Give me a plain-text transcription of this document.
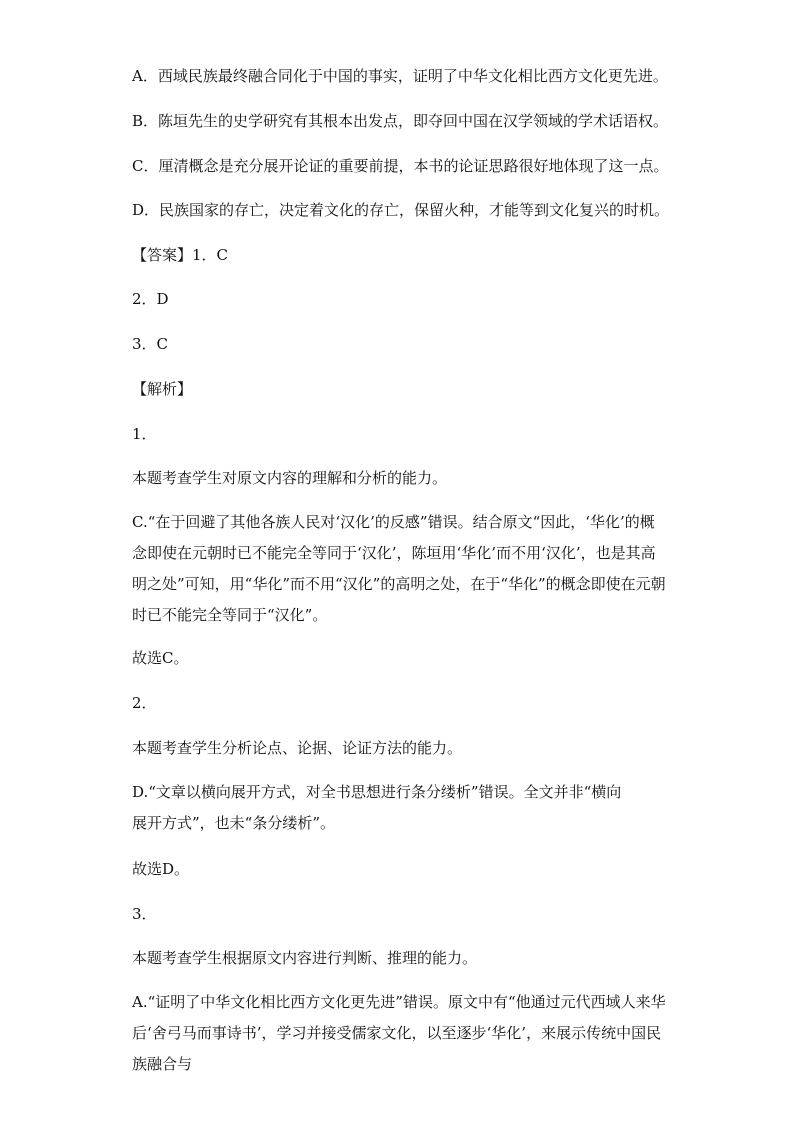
A．西域民族最终融合同化于中国的事实，证明了中华文化相比西方文化更先进。
B．陈垣先生的史学研究有其根本出发点，即夺回中国在汉学领域的学术话语权。
C．厘清概念是充分展开论证的重要前提，本书的论证思路很好地体现了这一点。
D．民族国家的存亡，决定着文化的存亡，保留火种，才能等到文化复兴的时机。
【答案】1．C
2．D
3．C
【解析】
1．
本题考查学生对原文内容的理解和分析的能力。
C.“在于回避了其他各族人民对‘汉化’的反感”错误。结合原文“因此，‘华化’的概念即使在元朝时已不能完全等同于‘汉化’，陈垣用‘华化’而不用‘汉化’，也是其高明之处”可知，用“华化”而不用“汉化”的高明之处，在于“华化”的概念即使在元朝时已不能完全等同于“汉化”。
故选C。
2．
本题考查学生分析论点、论据、论证方法的能力。
D.“文章以横向展开方式，对全书思想进行条分缕析”错误。全文并非“横向展开方式”，也未“条分缕析”。
故选D。
3．
本题考查学生根据原文内容进行判断、推理的能力。
A.“证明了中华文化相比西方文化更先进”错误。原文中有“他通过元代西域人来华后‘舍弓马而事诗书’，学习并接受儒家文化，以至逐步‘华化’，来展示传统中国民族融合与
